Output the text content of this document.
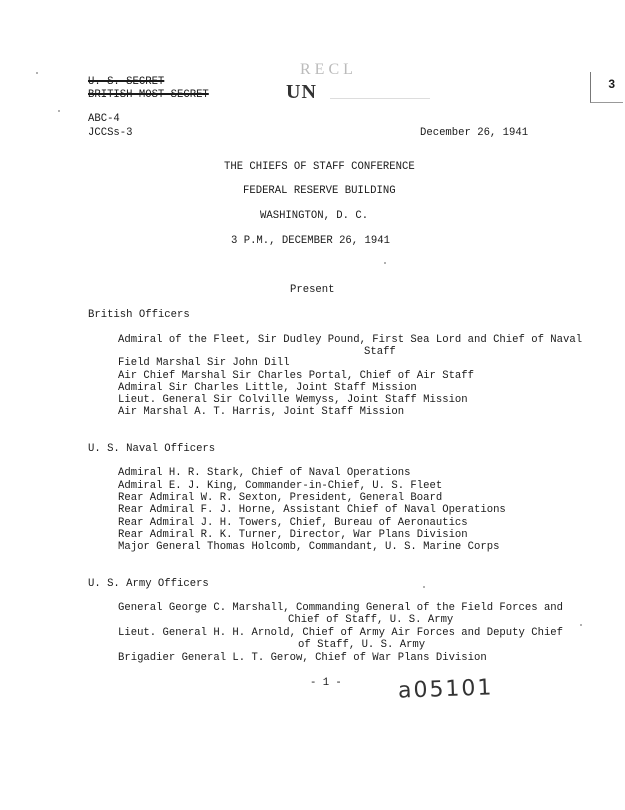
U. S. SECRET
BRITISH MOST SECRET
RECL
UN	3
ABC-4
JCCSs-3	December 26, 1941
THE CHIEFS OF STAFF CONFERENCE
FEDERAL RESERVE BUILDING
WASHINGTON, D. C.
3 P.M., DECEMBER 26, 1941
Present
British Officers
Admiral of the Fleet, Sir Dudley Pound, First Sea Lord and Chief of Naval
Staff
Field Marshal Sir John Dill
Air Chief Marshal Sir Charles Portal, Chief of Air Staff
Admiral Sir Charles Little, Joint Staff Mission
Lieut. General Sir Colville Wemyss, Joint Staff Mission
Air Marshal A. T. Harris, Joint Staff Mission
U. S. Naval Officers
Admiral H. R. Stark, Chief of Naval Operations
Admiral E. J. King, Commander-in-Chief, U. S. Fleet
Rear Admiral W. R. Sexton, President, General Board
Rear Admiral F. J. Horne, Assistant Chief of Naval Operations
Rear Admiral J. H. Towers, Chief, Bureau of Aeronautics
Rear Admiral R. K. Turner, Director, War Plans Division
Major General Thomas Holcomb, Commandant, U. S. Marine Corps
U. S. Army Officers
General George C. Marshall, Commanding General of the Field Forces and
Chief of Staff, U. S. Army
Lieut. General H. H. Arnold, Chief of Army Air Forces and Deputy Chief
of Staff, U. S. Army
Brigadier General L. T. Gerow, Chief of War Plans Division
- 1 -	a05101
